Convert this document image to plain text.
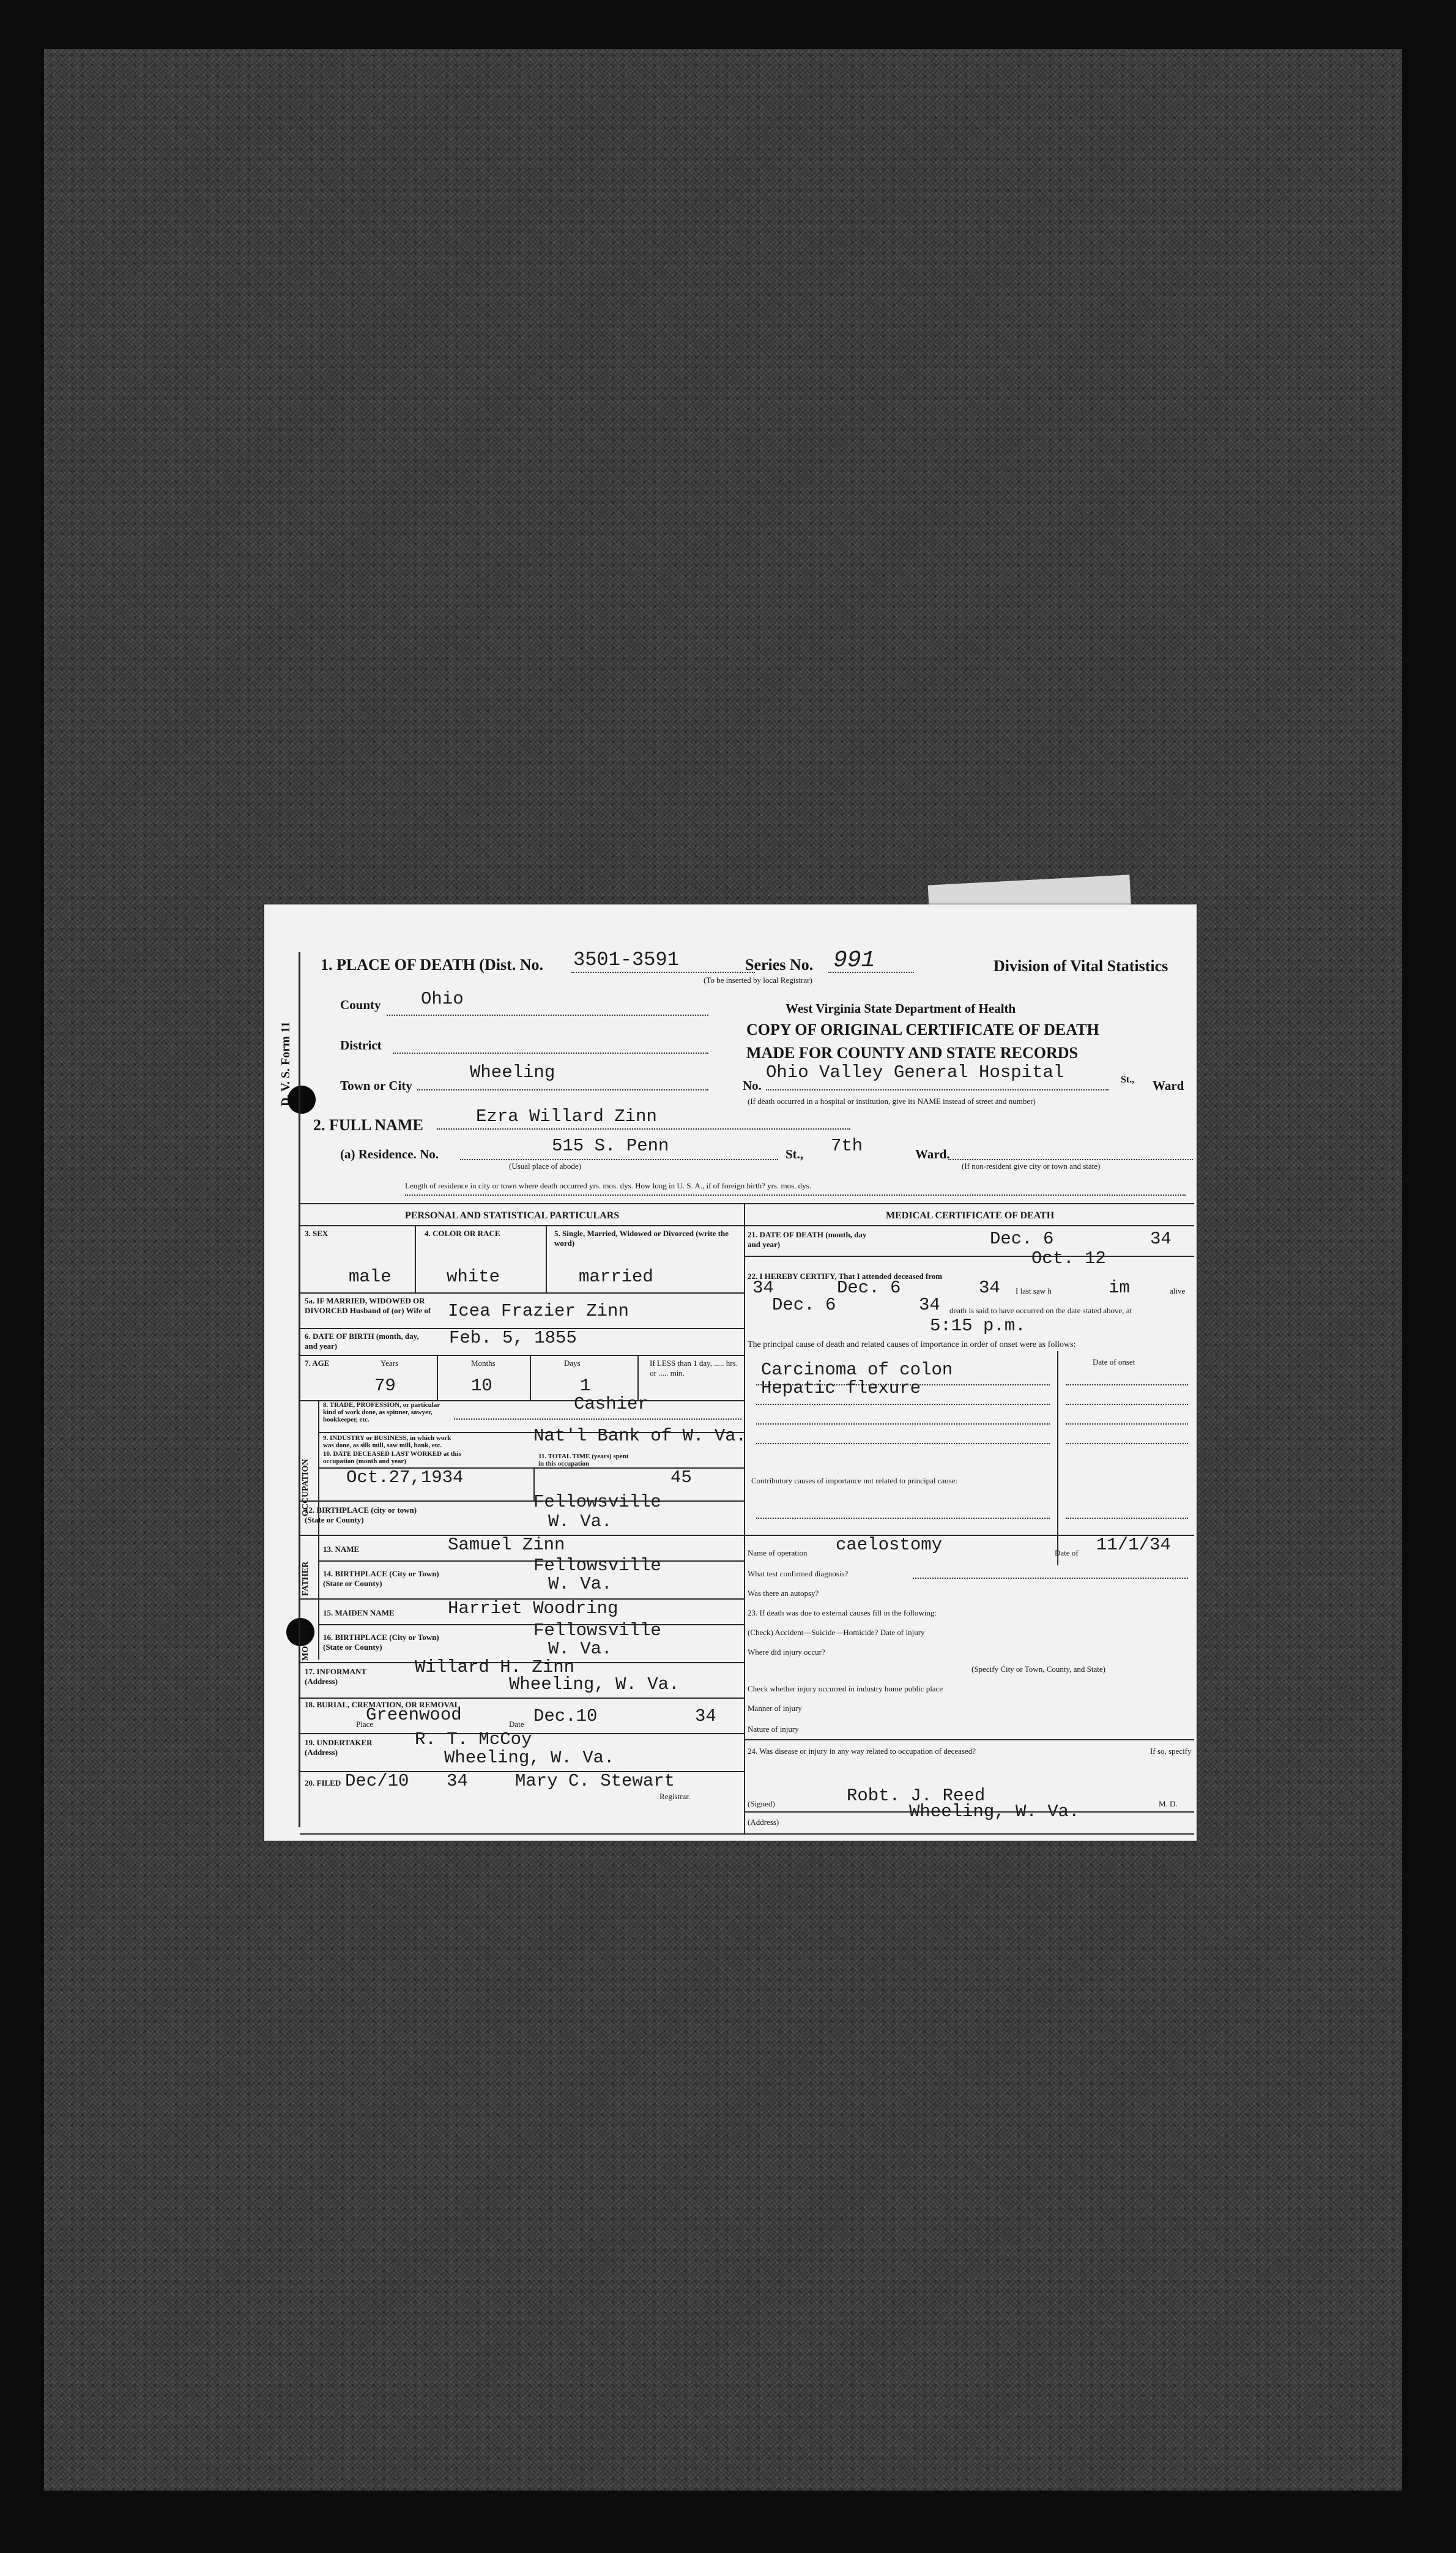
D. V. S. Form 11
1. PLACE OF DEATH (Dist. No. 3501-3591
(To be inserted by local Registrar)
Series No. 991	Division of Vital Statistics
County Ohio	West Virginia State Department of Health
District
COPY OF ORIGINAL CERTIFICATE OF DEATH
MADE FOR COUNTY AND STATE RECORDS
Town or City
Wheeling
No.
Ohio Valley General Hospital	St., Ward
(If death occurred in a hospital or institution, give its NAME instead of street and number)
2. FULL NAME	Ezra Willard Zinn
(a) Residence. No.	515 S. Penn	St., 7th	Ward.
(Usual place of abode)	(If non-resident give city or town and state)
Length of residence in city or town where death occurred yrs. mos. dys. How long in U. S. A., if of foreign birth? yrs. mos. dys.
PERSONAL AND STATISTICAL PARTICULARS
3. SEX	4. COLOR OR RACE	5. Single, Married, Widowed or Divorced (write the word)
male	white	married
5a. IF MARRIED, WIDOWED OR DIVORCED Husband of (or) Wife of Icea Frazier Zinn
6. DATE OF BIRTH (month, day, and year)	Feb. 5, 1855
7. AGE	Years	Months	Days	If LESS than 1 day, ..... hrs. or ..... min.
79	10	1
OCCUPATION
8. TRADE, PROFESSION, or particular kind of work done, as spinner, sawyer, bookkeeper, etc.
Cashier
9. INDUSTRY or BUSINESS, in which work was done, as silk mill, saw mill, bank, etc.	Nat'l Bank of W. Va.
10. DATE DECEASED LAST WORKED at this occupation (month and year)
Oct.27,1934
11. TOTAL TIME (years) spent in this occupation
45
12. BIRTHPLACE (city or town) (State or County)
Fellowsville
W. Va.
FATHER
13. NAME	Samuel Zinn
14. BIRTHPLACE (City or Town) (State or County)
Fellowsville
W. Va.
MOTHER
15. MAIDEN NAME	Harriet Woodring
16. BIRTHPLACE (City or Town) (State or County)
Fellowsville
W. Va.
17. INFORMANT (Address)
Willard H. Zinn
Wheeling, W. Va.
18. BURIAL, CREMATION, OR REMOVAL
Place
Greenwood	Date Dec.10	34
19. UNDERTAKER (Address)
R. T. McCoy
Wheeling, W. Va.
20. FILED Dec/10 34	Mary C. Stewart
Registrar.
MEDICAL CERTIFICATE OF DEATH
21. DATE OF DEATH (month, day and year)	Dec. 6	34
Oct. 12
22. I HEREBY CERTIFY, That I attended deceased from
34	Dec. 6	34 I last saw h	im	alive
Dec. 6	34 death is said to have occurred on the date stated above, at
5:15 p.m.
The principal cause of death and related causes of importance in order of onset were as follows:
Date of onset
Carcinoma of colon
Hepatic flexure
Contributory causes of importance not related to principal cause:
Name of operation caelostomy	Date of 11/1/34
What test confirmed diagnosis?
Was there an autopsy?
23. If death was due to external causes fill in the following:
(Check) Accident—Suicide—Homicide? Date of injury
Where did injury occur?
(Specify City or Town, County, and State)
Check whether injury occurred in industry home public place
Manner of injury
Nature of injury
24. Was disease or injury in any way related to occupation of deceased?	If so, specify
(Signed)	Robt. J. Reed	M. D.
(Address)
Wheeling, W. Va.
